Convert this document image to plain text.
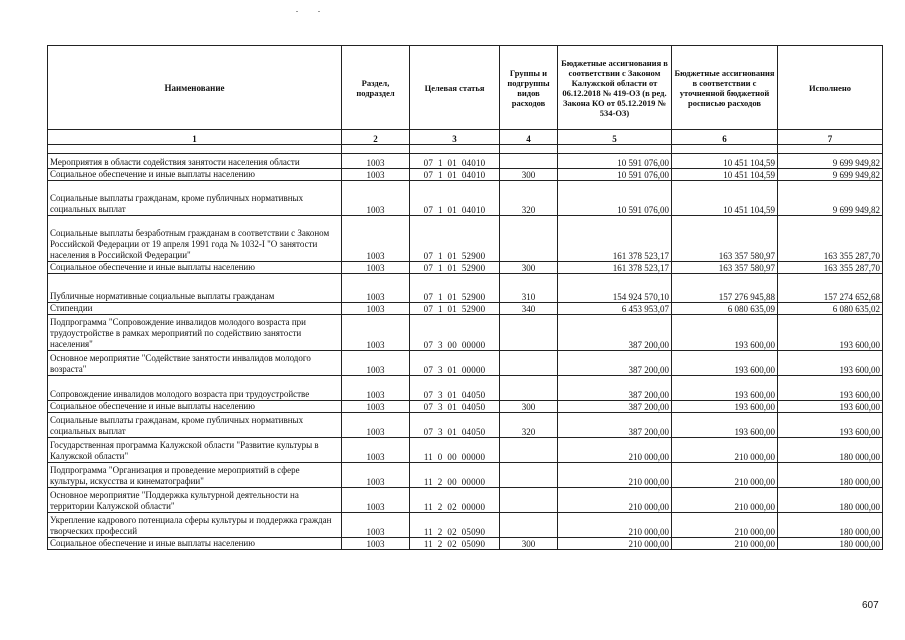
Наименование	Раздел, подраздел	Целевая статья	Группы и подгруппы видов расходов	Бюджетные ассигнования в соответствии с Законом Калужской области от 06.12.2018 № 419-ОЗ (в ред. Закона КО от 05.12.2019 № 534-ОЗ)	Бюджетные ассигнования в соответствии с уточненной бюджетной росписью расходов	Исполнено
1	2	3	4	5	6	7

Мероприятия в области содействия занятости населения области	1003	07  1  01  04010		10 591 076,00	10 451 104,59	9 699 949,82
Социальное обеспечение и иные выплаты населению	1003	07  1  01  04010	300	10 591 076,00	10 451 104,59	9 699 949,82
Социальные выплаты гражданам, кроме публичных нормативных социальных выплат	1003	07  1  01  04010	320	10 591 076,00	10 451 104,59	9 699 949,82
Социальные выплаты безработным гражданам в соответствии с Законом Российской Федерации от 19 апреля 1991 года № 1032-I "О занятости населения в Российской Федерации"	1003	07  1  01  52900		161 378 523,17	163 357 580,97	163 355 287,70
Социальное обеспечение и иные выплаты населению	1003	07  1  01  52900	300	161 378 523,17	163 357 580,97	163 355 287,70
Публичные нормативные социальные выплаты гражданам	1003	07  1  01  52900	310	154 924 570,10	157 276 945,88	157 274 652,68
Стипендии	1003	07  1  01  52900	340	6 453 953,07	6 080 635,09	6 080 635,02
Подпрограмма "Сопровождение инвалидов молодого возраста при трудоустройстве в рамках мероприятий по содействию занятости населения"	1003	07  3  00  00000		387 200,00	193 600,00	193 600,00
Основное мероприятие "Содействие занятости инвалидов молодого возраста"	1003	07  3  01  00000		387 200,00	193 600,00	193 600,00
Сопровождение инвалидов молодого возраста при трудоустройстве	1003	07  3  01  04050		387 200,00	193 600,00	193 600,00
Социальное обеспечение и иные выплаты населению	1003	07  3  01  04050	300	387 200,00	193 600,00	193 600,00
Социальные выплаты гражданам, кроме публичных нормативных социальных выплат	1003	07  3  01  04050	320	387 200,00	193 600,00	193 600,00
Государственная программа Калужской области "Развитие культуры в Калужской области"	1003	11  0  00  00000		210 000,00	210 000,00	180 000,00
Подпрограмма "Организация и проведение мероприятий в сфере культуры, искусства и кинематографии"	1003	11  2  00  00000		210 000,00	210 000,00	180 000,00
Основное мероприятие "Поддержка культурной деятельности на территории Калужской области"	1003	11  2  02  00000		210 000,00	210 000,00	180 000,00
Укрепление кадрового потенциала сферы культуры и поддержка граждан творческих профессий	1003	11  2  02  05090		210 000,00	210 000,00	180 000,00
Социальное обеспечение и иные выплаты населению	1003	11  2  02  05090	300	210 000,00	210 000,00	180 000,00
607
